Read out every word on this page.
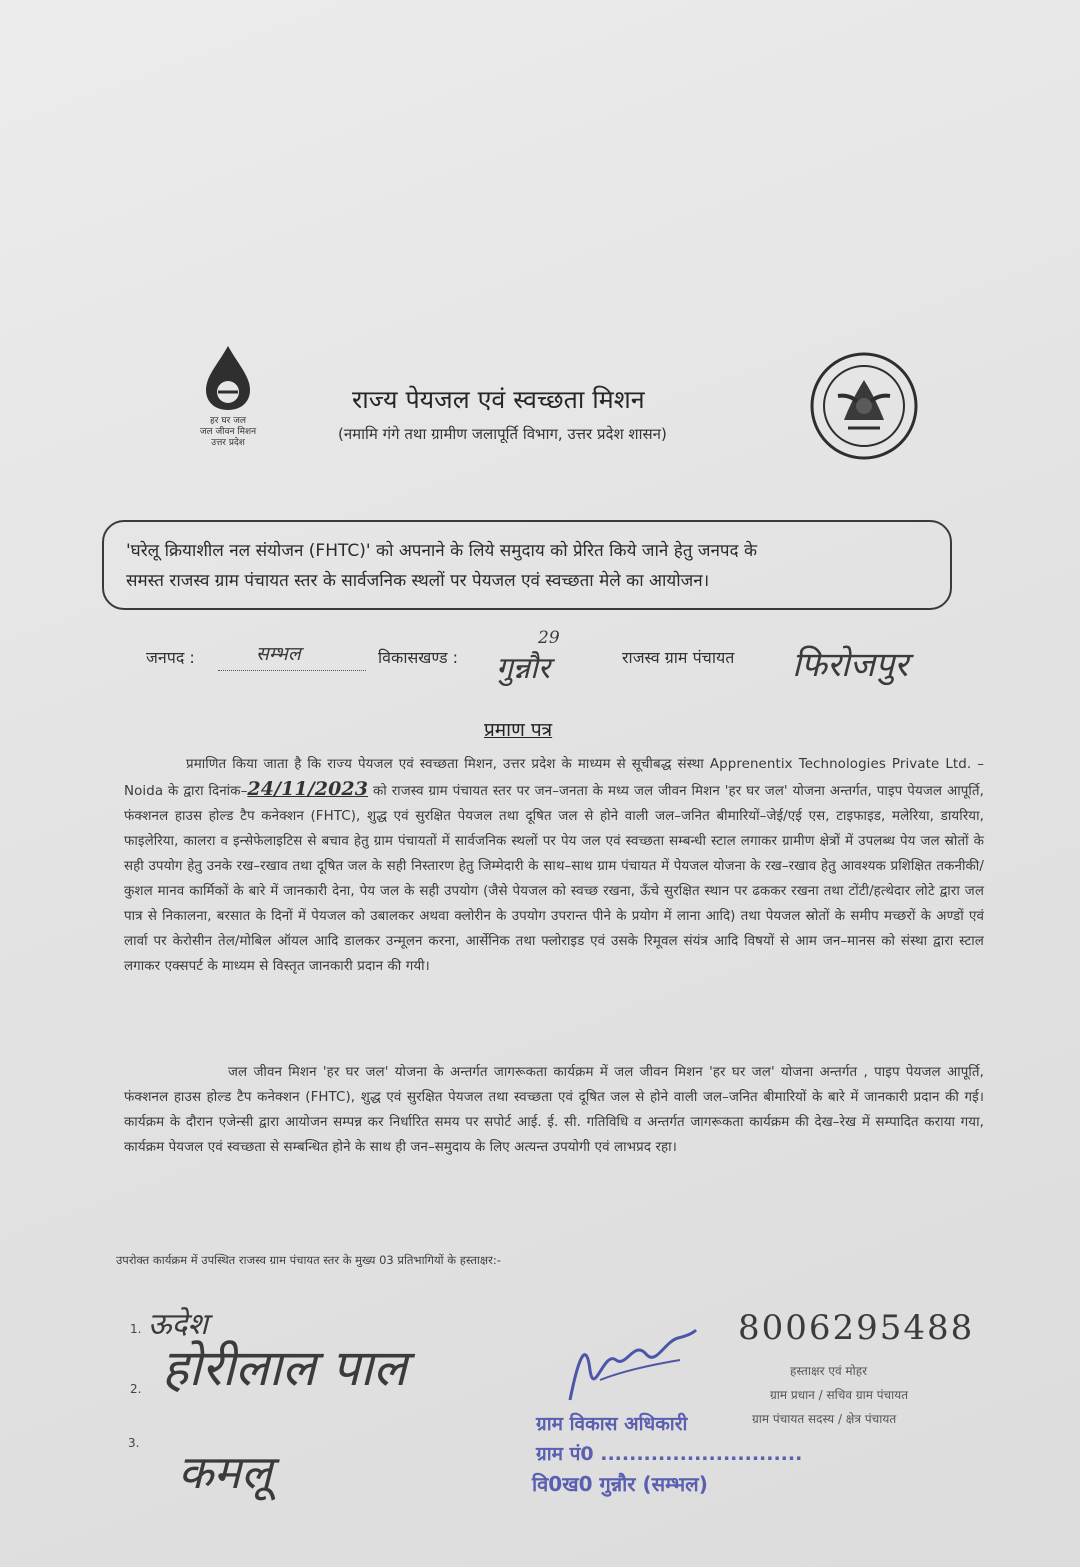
हर घर जल
जल जीवन मिशन
उत्तर प्रदेश
राज्य पेयजल एवं स्वच्छता मिशन
(नमामि गंगे तथा ग्रामीण जलापूर्ति विभाग, उत्तर प्रदेश शासन)
'घरेलू क्रियाशील नल संयोजन (FHTC)' को अपनाने के लिये समुदाय को प्रेरित किये जाने हेतु जनपद के
समस्त राजस्व ग्राम पंचायत स्तर के सार्वजनिक स्थलों पर पेयजल एवं स्वच्छता मेले का आयोजन।
जनपद :	सम्भल	विकासखण्ड :
29
गुन्नौर	राजस्व ग्राम पंचायत फिरोजपुर
प्रमाण पत्र
प्रमाणित किया जाता है कि राज्य पेयजल एवं स्वच्छता मिशन, उत्तर प्रदेश के माध्यम से सूचीबद्ध संस्था Apprenentix Technologies Private Ltd. – Noida के द्वारा दिनांक–24/11/2023 को राजस्व ग्राम पंचायत स्तर पर जन–जनता के मध्य जल जीवन मिशन 'हर घर जल' योजना अन्तर्गत, पाइप पेयजल आपूर्ति, फंक्शनल हाउस होल्ड टैप कनेक्शन (FHTC), शुद्ध एवं सुरक्षित पेयजल तथा दूषित जल से होने वाली जल–जनित बीमारियों–जेई/एई एस, टाइफाइड, मलेरिया, डायरिया, फाइलेरिया, कालरा व इन्सेफेलाइटिस से बचाव हेतु ग्राम पंचायतों में सार्वजनिक स्थलों पर पेय जल एवं स्वच्छता सम्बन्धी स्टाल लगाकर ग्रामीण क्षेत्रों में उपलब्ध पेय जल स्रोतों के सही उपयोग हेतु उनके रख–रखाव तथा दूषित जल के सही निस्तारण हेतु जिम्मेदारी के साथ–साथ ग्राम पंचायत में पेयजल योजना के रख–रखाव हेतु आवश्यक प्रशिक्षित तकनीकी/कुशल मानव कार्मिकों के बारे में जानकारी देना, पेय जल के सही उपयोग (जैसे पेयजल को स्वच्छ रखना, ऊँचे सुरक्षित स्थान पर ढककर रखना तथा टोंटी/हत्थेदार लोटे द्वारा जल पात्र से निकालना, बरसात के दिनों में पेयजल को उबालकर अथवा क्लोरीन के उपयोग उपरान्त पीने के प्रयोग में लाना आदि) तथा पेयजल स्रोतों के समीप मच्छरों के अण्डों एवं लार्वा पर केरोसीन तेल/मोबिल ऑयल आदि डालकर उन्मूलन करना, आर्सेनिक तथा फ्लोराइड एवं उसके रिमूवल संयंत्र आदि विषयों से आम जन–मानस को संस्था द्वारा स्टाल लगाकर एक्सपर्ट के माध्यम से विस्तृत जानकारी प्रदान की गयी।
जल जीवन मिशन 'हर घर जल' योजना के अन्तर्गत जागरूकता कार्यक्रम में जल जीवन मिशन 'हर घर जल' योजना अन्तर्गत , पाइप पेयजल आपूर्ति, फंक्शनल हाउस होल्ड टैप कनेक्शन (FHTC), शुद्ध एवं सुरक्षित पेयजल तथा स्वच्छता एवं दूषित जल से होने वाली जल–जनित बीमारियों के बारे में जानकारी प्रदान की गई। कार्यक्रम के दौरान एजेन्सी द्वारा आयोजन सम्पन्न कर निर्धारित समय पर सपोर्ट आई. ई. सी. गतिविधि व अन्तर्गत जागरूकता कार्यक्रम की देख–रेख में सम्पादित कराया गया, कार्यक्रम पेयजल एवं स्वच्छता से सम्बन्धित होने के साथ ही जन–समुदाय के लिए अत्यन्त उपयोगी एवं लाभप्रद रहा।
उपरोक्त कार्यक्रम में उपस्थित राजस्व ग्राम पंचायत स्तर के मुख्य 03 प्रतिभागियों के हस्ताक्षर:-
1. ऊदेश
2. होरीलाल पाल
3.
कमलू
8006295488
हस्ताक्षर एवं मोहर
ग्राम प्रधान / सचिव ग्राम पंचायत
ग्राम पंचायत सदस्य / क्षेत्र पंचायत
ग्राम विकास अधिकारी
ग्राम पं0 ............................
वि0ख0 गुन्नौर (सम्भल)
